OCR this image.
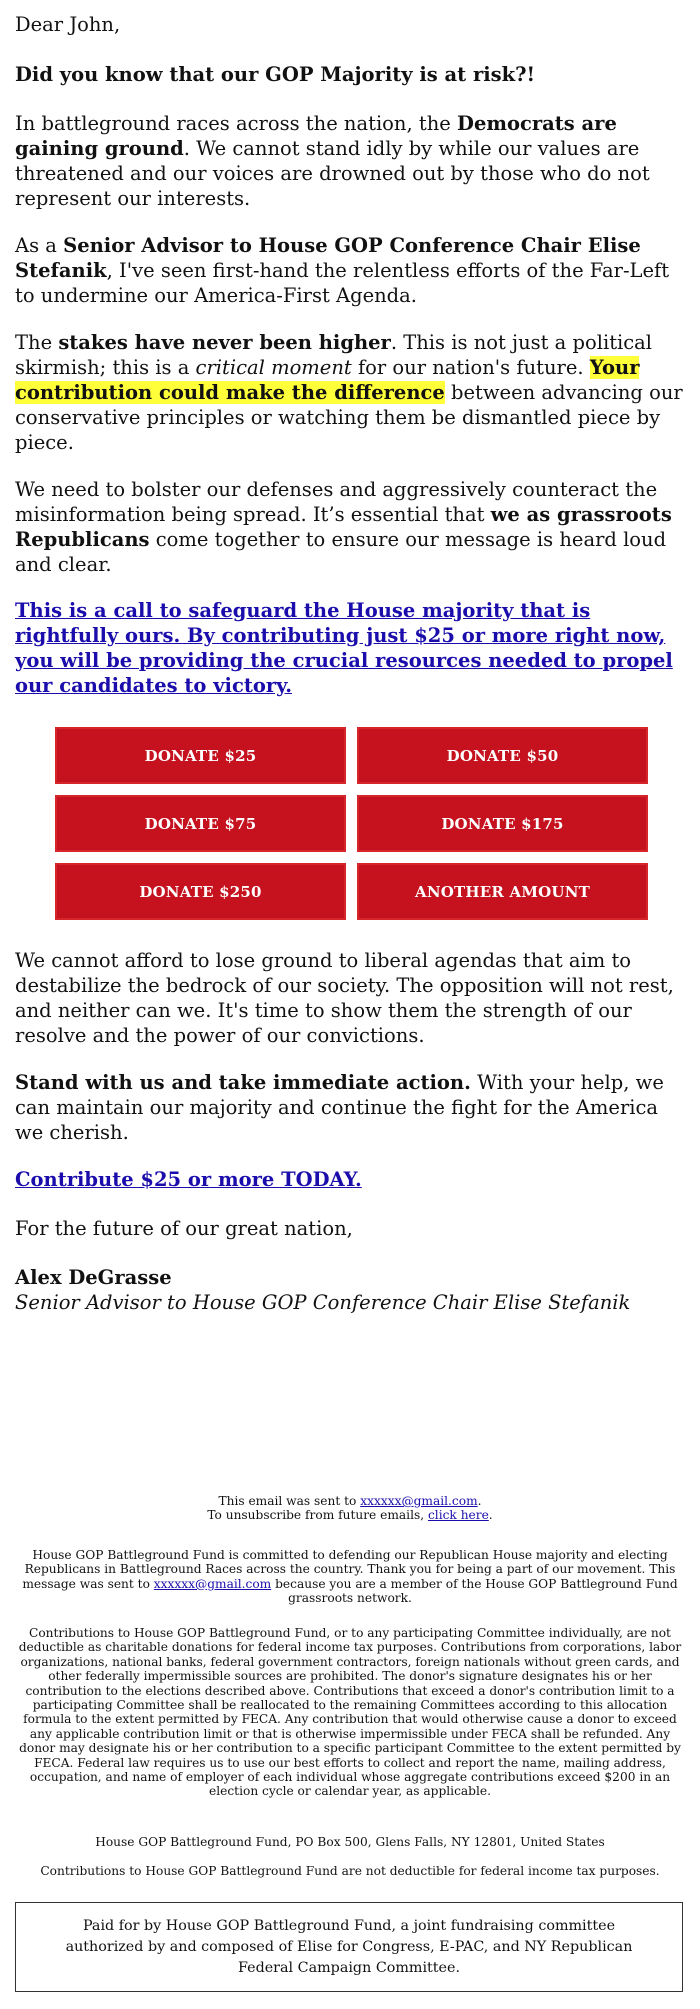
Dear John,

Did you know that our GOP Majority is at risk?!

In battleground races across the nation, the Democrats are gaining ground. We cannot stand idly by while our values are threatened and our voices are drowned out by those who do not represent our interests.

As a Senior Advisor to House GOP Conference Chair Elise Stefanik, I've seen first-hand the relentless efforts of the Far-Left to undermine our America-First Agenda.

The stakes have never been higher. This is not just a political skirmish; this is a critical moment for our nation's future. Your contribution could make the difference between advancing our conservative principles or watching them be dismantled piece by piece.

We need to bolster our defenses and aggressively counteract the misinformation being spread. It’s essential that we as grassroots Republicans come together to ensure our message is heard loud and clear.

This is a call to safeguard the House majority that is rightfully ours. By contributing just $25 or more right now, you will be providing the crucial resources needed to propel our candidates to victory.
DONATE $25	DONATE $50
DONATE $75	DONATE $175
DONATE $250	ANOTHER AMOUNT

We cannot afford to lose ground to liberal agendas that aim to destabilize the bedrock of our society. The opposition will not rest, and neither can we. It's time to show them the strength of our resolve and the power of our convictions.

Stand with us and take immediate action. With your help, we can maintain our majority and continue the fight for the America we cherish.

Contribute $25 or more TODAY.

For the future of our great nation,

Alex DeGrasse

Senior Advisor to House GOP Conference Chair Elise Stefanik

This email was sent to xxxxxx@gmail.com.
To unsubscribe from future emails, click here.
House GOP Battleground Fund is committed to defending our Republican House majority and electing Republicans in Battleground Races across the country. Thank you for being a part of our movement. This message was sent to xxxxxx@gmail.com because you are a member of the House GOP Battleground Fund grassroots network.
Contributions to House GOP Battleground Fund, or to any participating Committee individually, are not deductible as charitable donations for federal income tax purposes. Contributions from corporations, labor organizations, national banks, federal government contractors, foreign nationals without green cards, and other federally impermissible sources are prohibited. The donor's signature designates his or her contribution to the elections described above. Contributions that exceed a donor's contribution limit to a participating Committee shall be reallocated to the remaining Committees according to this allocation formula to the extent permitted by FECA. Any contribution that would otherwise cause a donor to exceed any applicable contribution limit or that is otherwise impermissible under FECA shall be refunded. Any donor may designate his or her contribution to a specific participant Committee to the extent permitted by FECA. Federal law requires us to use our best efforts to collect and report the name, mailing address, occupation, and name of employer of each individual whose aggregate contributions exceed $200 in an election cycle or calendar year, as applicable.
House GOP Battleground Fund, PO Box 500, Glens Falls, NY 12801, United States
Contributions to House GOP Battleground Fund are not deductible for federal income tax purposes.
Paid for by House GOP Battleground Fund, a joint fundraising committee authorized by and composed of Elise for Congress, E-PAC, and NY Republican Federal Campaign Committee.
